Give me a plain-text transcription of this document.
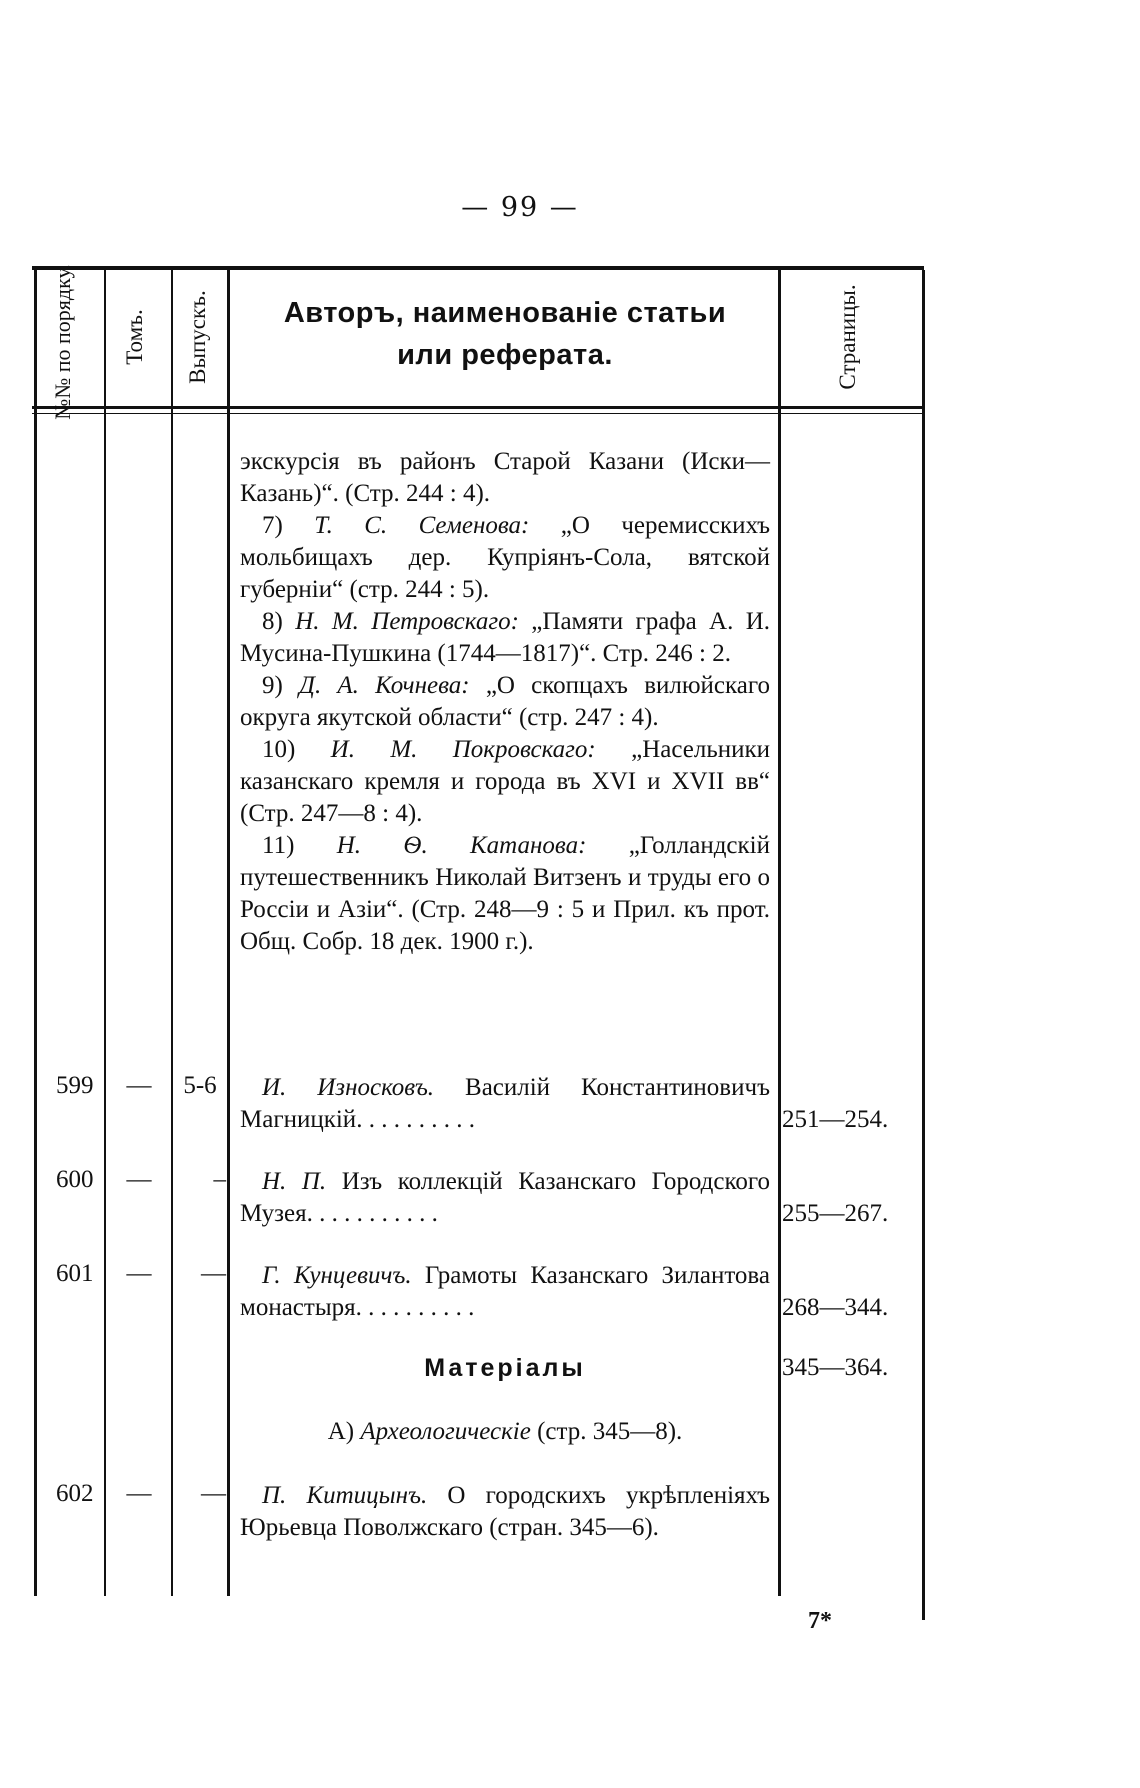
— 99 —
№№ по порядку.	Томъ. Выпускъ.	Авторъ, наименованіе статьи
или реферата.	Страницы.

экскурсія въ районъ Старой Казани (Иски—Казань)“. (Стр. 244 : 4).

7) Т. С. Семенова: „О черемисскихъ мольбищахъ дер. Купріянъ-Сола, вятской губерніи“ (стр. 244 : 5).

8) Н. М. Петровскаго: „Памяти графа А. И. Мусина-Пушкина (1744—1817)“. Стр. 246 : 2.

9) Д. А. Кочнева: „О скопцахъ вилюйскаго округа якутской области“ (стр. 247 : 4).

10) И. М. Покровскаго: „Насельники казанскаго кремля и города въ XVI и XVII вв“ (Стр. 247—8 : 4).

11) Н. Ѳ. Катанова: „Голландскій путешественникъ Николай Витзенъ и труды его о Россіи и Азіи“. (Стр. 248—9 : 5 и Прил. къ прот. Общ. Собр. 18 дек. 1900 г.).

599	—	5-6	И. Износковъ. Василій Константиновичъ Магницкій. . . . . . . . . .	251—254.
600	—	–	Н. П. Изъ коллекцій Казанскаго Городского Музея. . . . . . . . . . .	255—267.
601	—	—	Г. Кунцевичъ. Грамоты Казанскаго Зилантова монастыря. . . . . . . . . .	268—344.
Матеріалы	345—364.
А) Археологическіе (стр. 345—8).
602	—	—	П. Китицынъ. О городскихъ укрѣпленіяхъ Юрьевца Поволжскаго (стран. 345—6).

7*
